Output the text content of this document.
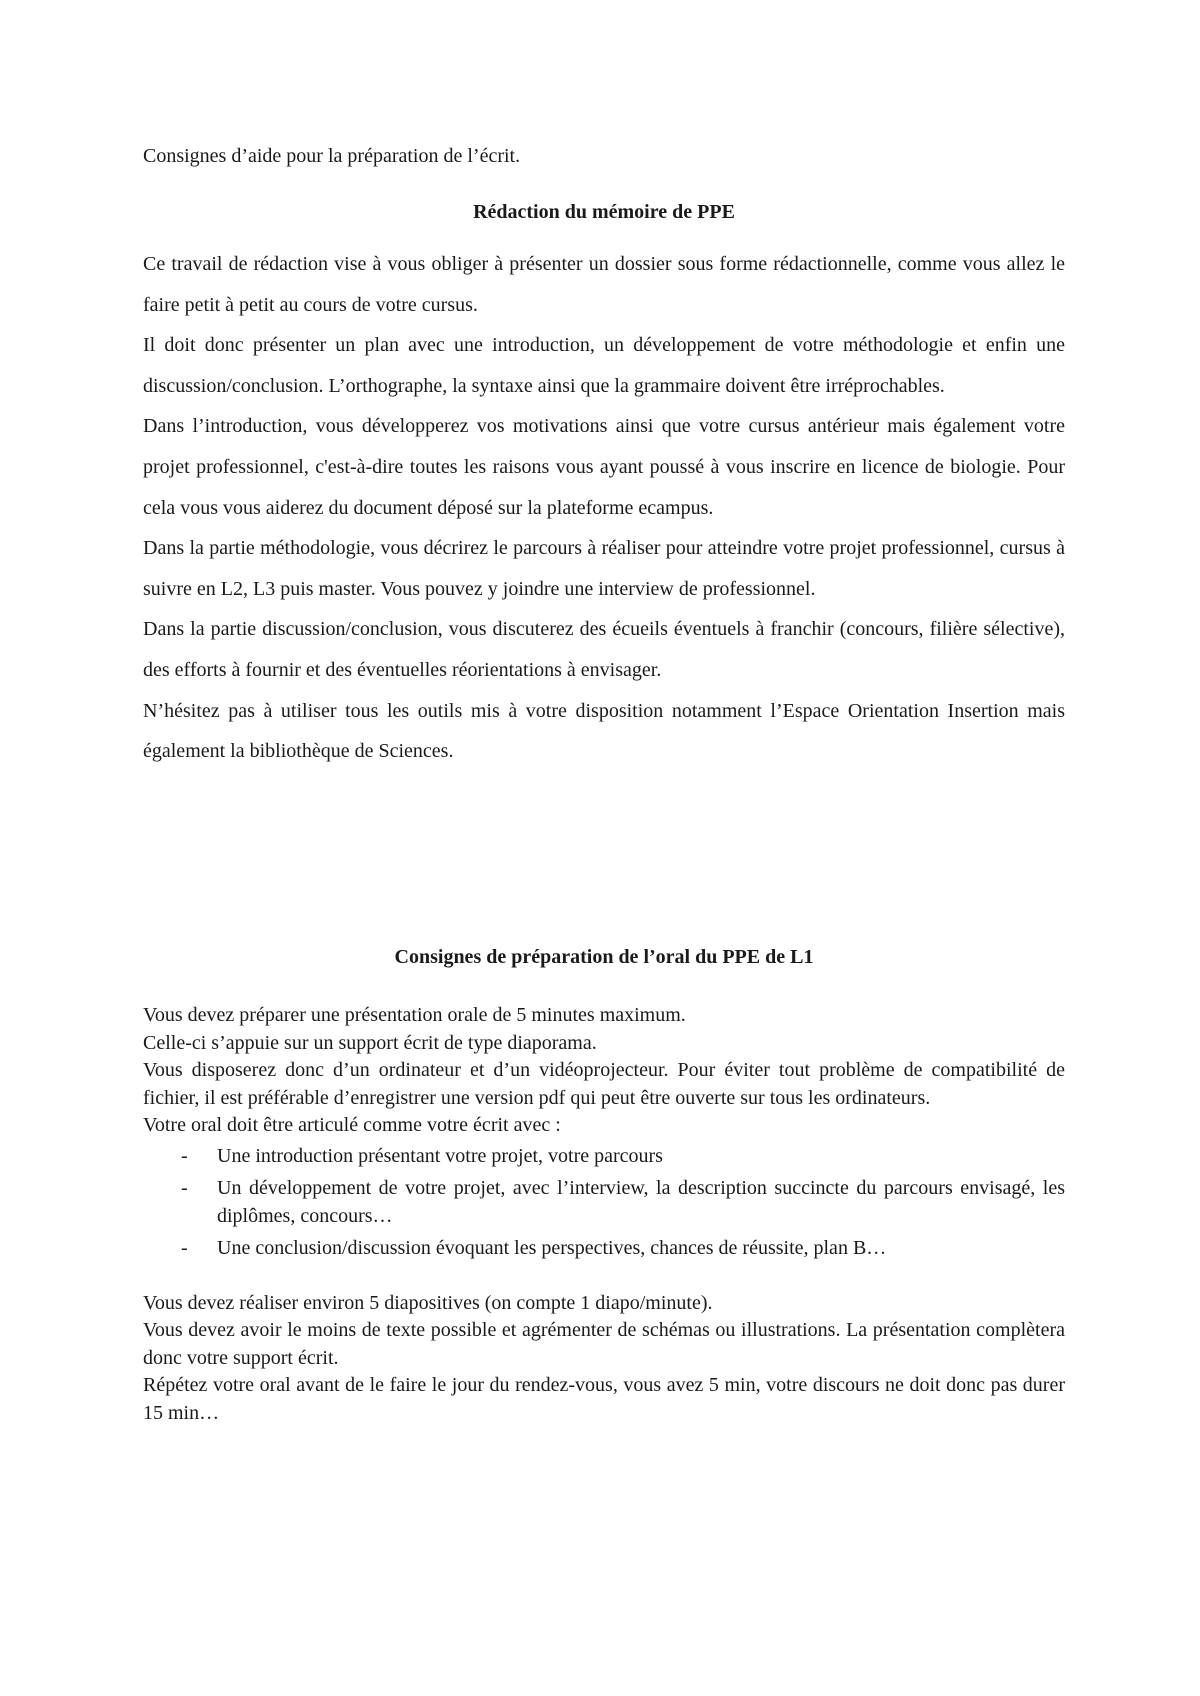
Consignes d’aide pour la préparation de l’écrit.
Rédaction du mémoire de PPE

Ce travail de rédaction vise à vous obliger à présenter un dossier sous forme rédactionnelle, comme vous allez le faire petit à petit au cours de votre cursus.

Il doit donc présenter un plan avec une introduction, un développement de votre méthodologie et enfin une discussion/conclusion. L’orthographe, la syntaxe ainsi que la grammaire doivent être irréprochables.

Dans l’introduction, vous développerez vos motivations ainsi que votre cursus antérieur mais également votre projet professionnel, c'est-à-dire toutes les raisons vous ayant poussé à vous inscrire en licence de biologie. Pour cela vous vous aiderez du document déposé sur la plateforme ecampus.

Dans la partie méthodologie, vous décrirez le parcours à réaliser pour atteindre votre projet professionnel, cursus à suivre en L2, L3 puis master. Vous pouvez y joindre une interview de professionnel.

Dans la partie discussion/conclusion, vous discuterez des écueils éventuels à franchir (concours, filière sélective), des efforts à fournir et des éventuelles réorientations à envisager.

N’hésitez pas à utiliser tous les outils mis à votre disposition notamment l’Espace Orientation Insertion mais également la bibliothèque de Sciences.

Consignes de préparation de l’oral du PPE de L1

Vous devez préparer une présentation orale de 5 minutes maximum.

Celle-ci s’appuie sur un support écrit de type diaporama.

Vous disposerez donc d’un ordinateur et d’un vidéoprojecteur. Pour éviter tout problème de compatibilité de fichier, il est préférable d’enregistrer une version pdf qui peut être ouverte sur tous les ordinateurs.

Votre oral doit être articulé comme votre écrit avec :

- Une introduction présentant votre projet, votre parcours
- Un développement de votre projet, avec l’interview, la description succincte du parcours envisagé, les diplômes, concours…
- Une conclusion/discussion évoquant les perspectives, chances de réussite, plan B…

Vous devez réaliser environ 5 diapositives (on compte 1 diapo/minute).

Vous devez avoir le moins de texte possible et agrémenter de schémas ou illustrations. La présentation complètera donc votre support écrit.

Répétez votre oral avant de le faire le jour du rendez-vous, vous avez 5 min, votre discours ne doit donc pas durer 15 min…
